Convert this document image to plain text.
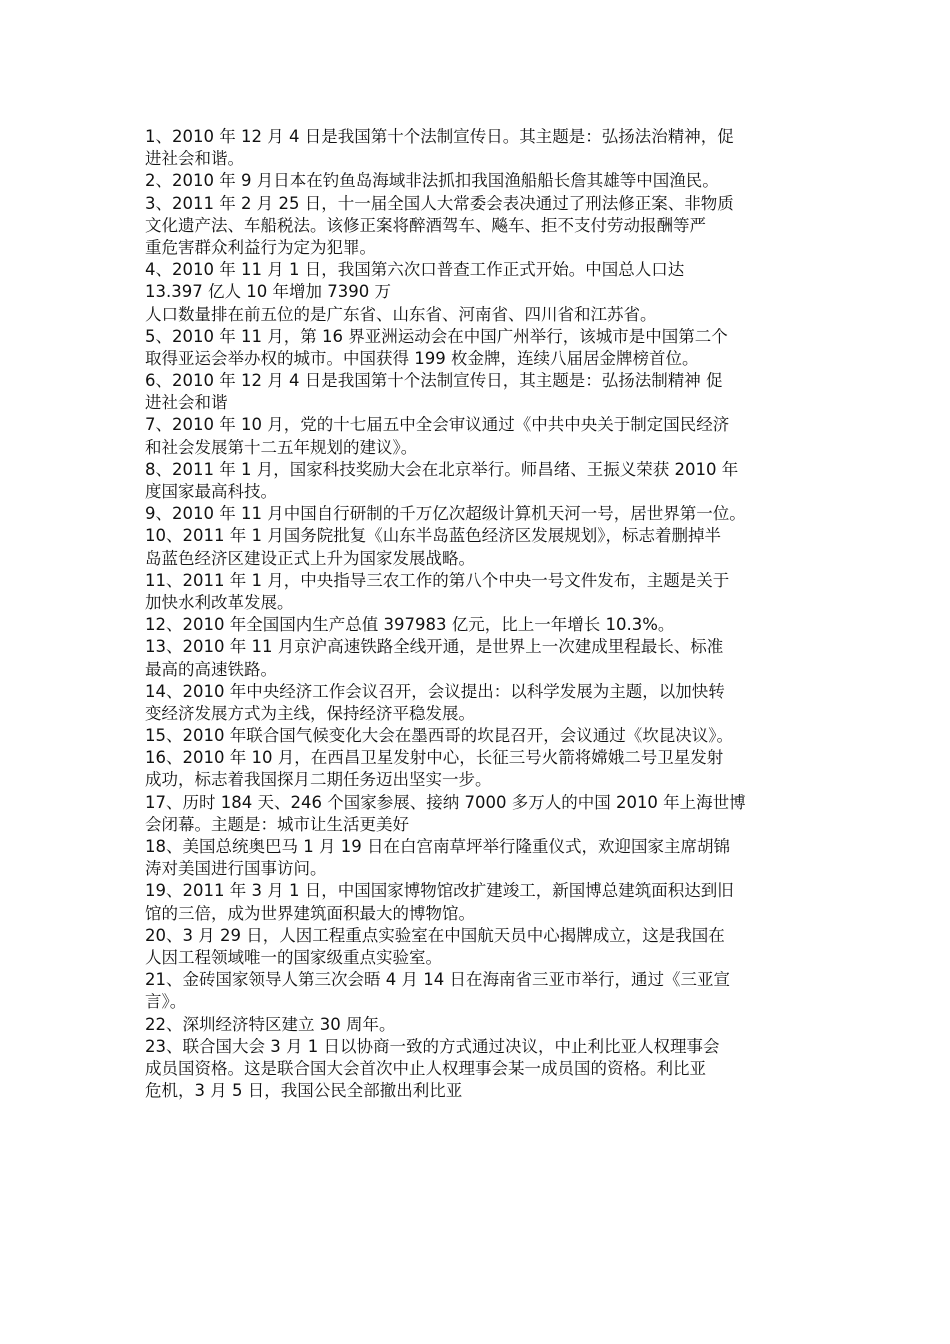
1、2010 年 12 月 4 日是我国第十个法制宣传日。其主题是：弘扬法治精神，促
进社会和谐。
2、2010 年 9 月日本在钓鱼岛海域非法抓扣我国渔船船长詹其雄等中国渔民。
3、2011 年 2 月 25 日，十一届全国人大常委会表决通过了刑法修正案、非物质
文化遗产法、车船税法。该修正案将醉酒驾车、飚车、拒不支付劳动报酬等严
重危害群众利益行为定为犯罪。
4、2010 年 11 月 1 日，我国第六次口普查工作正式开始。中国总人口达
13.397 亿人 10 年增加 7390 万
人口数量排在前五位的是广东省、山东省、河南省、四川省和江苏省。
5、2010 年 11 月，第 16 界亚洲运动会在中国广州举行，该城市是中国第二个
取得亚运会举办权的城市。中国获得 199 枚金牌，连续八届居金牌榜首位。
6、2010 年 12 月 4 日是我国第十个法制宣传日，其主题是：弘扬法制精神 促
进社会和谐
7、2010 年 10 月，党的十七届五中全会审议通过《中共中央关于制定国民经济
和社会发展第十二五年规划的建议》。
8、2011 年 1 月，国家科技奖励大会在北京举行。师昌绪、王振义荣获 2010 年
度国家最高科技。
9、2010 年 11 月中国自行研制的千万亿次超级计算机天河一号，居世界第一位。
10、2011 年 1 月国务院批复《山东半岛蓝色经济区发展规划》，标志着删掉半
岛蓝色经济区建设正式上升为国家发展战略。
11、2011 年 1 月，中央指导三农工作的第八个中央一号文件发布，主题是关于
加快水利改革发展。
12、2010 年全国国内生产总值 397983 亿元，比上一年增长 10.3%。
13、2010 年 11 月京沪高速铁路全线开通，是世界上一次建成里程最长、标准
最高的高速铁路。
14、2010 年中央经济工作会议召开，会议提出：以科学发展为主题，以加快转
变经济发展方式为主线，保持经济平稳发展。
15、2010 年联合国气候变化大会在墨西哥的坎昆召开，会议通过《坎昆决议》。
16、2010 年 10 月，在西昌卫星发射中心，长征三号火箭将嫦娥二号卫星发射
成功，标志着我国探月二期任务迈出坚实一步。
17、历时 184 天、246 个国家参展、接纳 7000 多万人的中国 2010 年上海世博
会闭幕。主题是：城市让生活更美好
18、美国总统奥巴马 1 月 19 日在白宫南草坪举行隆重仪式，欢迎国家主席胡锦
涛对美国进行国事访问。
19、2011 年 3 月 1 日，中国国家博物馆改扩建竣工，新国博总建筑面积达到旧
馆的三倍，成为世界建筑面积最大的博物馆。
20、3 月 29 日，人因工程重点实验室在中国航天员中心揭牌成立，这是我国在
人因工程领域唯一的国家级重点实验室。
21、金砖国家领导人第三次会晤 4 月 14 日在海南省三亚市举行，通过《三亚宣
言》。
22、深圳经济特区建立 30 周年。
23、联合国大会 3 月 1 日以协商一致的方式通过决议，中止利比亚人权理事会
成员国资格。这是联合国大会首次中止人权理事会某一成员国的资格。利比亚
危机，3 月 5 日，我国公民全部撤出利比亚
